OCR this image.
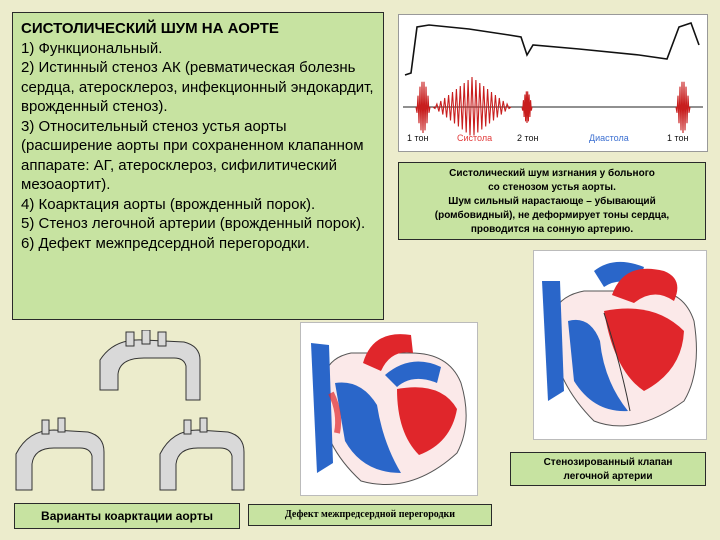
СИСТОЛИЧЕСКИЙ ШУМ НА АОРТЕ
1) Функциональный.
2) Истинный стеноз АК (ревматическая болезнь сердца, атеросклероз, инфекционный эндокардит, врожденный стеноз).
3) Относительный стеноз устья аорты (расширение аорты при сохраненном клапанном аппарате: АГ, атеросклероз, сифилитический мезоаортит).
4) Коарктация аорты (врожденный порок).
5) Стеноз легочной артерии (врожденный порок).
6) Дефект межпредсердной перегородки.
1 тон	Систола	2 тон	Диастола	1 тон
Систолический шум изгнания у больного
со стенозом устья аорты.
Шум сильный нарастающе – убывающий
(ромбовидный), не деформирует тоны сердца,
проводится на сонную артерию.
Стенозированный клапан
легочной артерии
Дефект межпредсердной перегородки
Варианты коарктации аорты
